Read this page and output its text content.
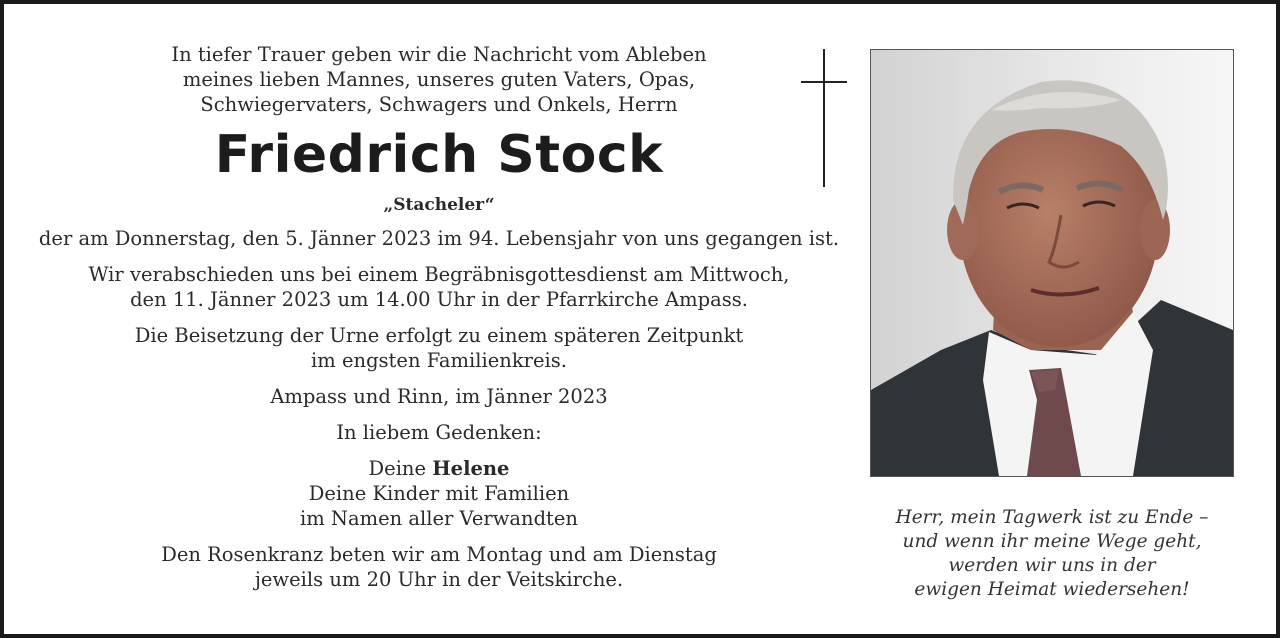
In tiefer Trauer geben wir die Nachricht vom Ableben
meines lieben Mannes, unseres guten Vaters, Opas,
Schwiegervaters, Schwagers und Onkels, Herrn

Friedrich Stock

„Stacheler“

der am Donnerstag, den 5. Jänner 2023 im 94. Lebensjahr von uns gegangen ist.

Wir verabschieden uns bei einem Begräbnisgottesdienst am Mittwoch,
den 11. Jänner 2023 um 14.00 Uhr in der Pfarrkirche Ampass.

Die Beisetzung der Urne erfolgt zu einem späteren Zeitpunkt
im engsten Familienkreis.

Ampass und Rinn, im Jänner 2023

In liebem Gedenken:

Deine Helene
Deine Kinder mit Familien
im Namen aller Verwandten

Den Rosenkranz beten wir am Montag und am Dienstag
jeweils um 20 Uhr in der Veitskirche.

Herr, mein Tagwerk ist zu Ende –

und wenn ihr meine Wege geht,

werden wir uns in der

ewigen Heimat wiedersehen!
